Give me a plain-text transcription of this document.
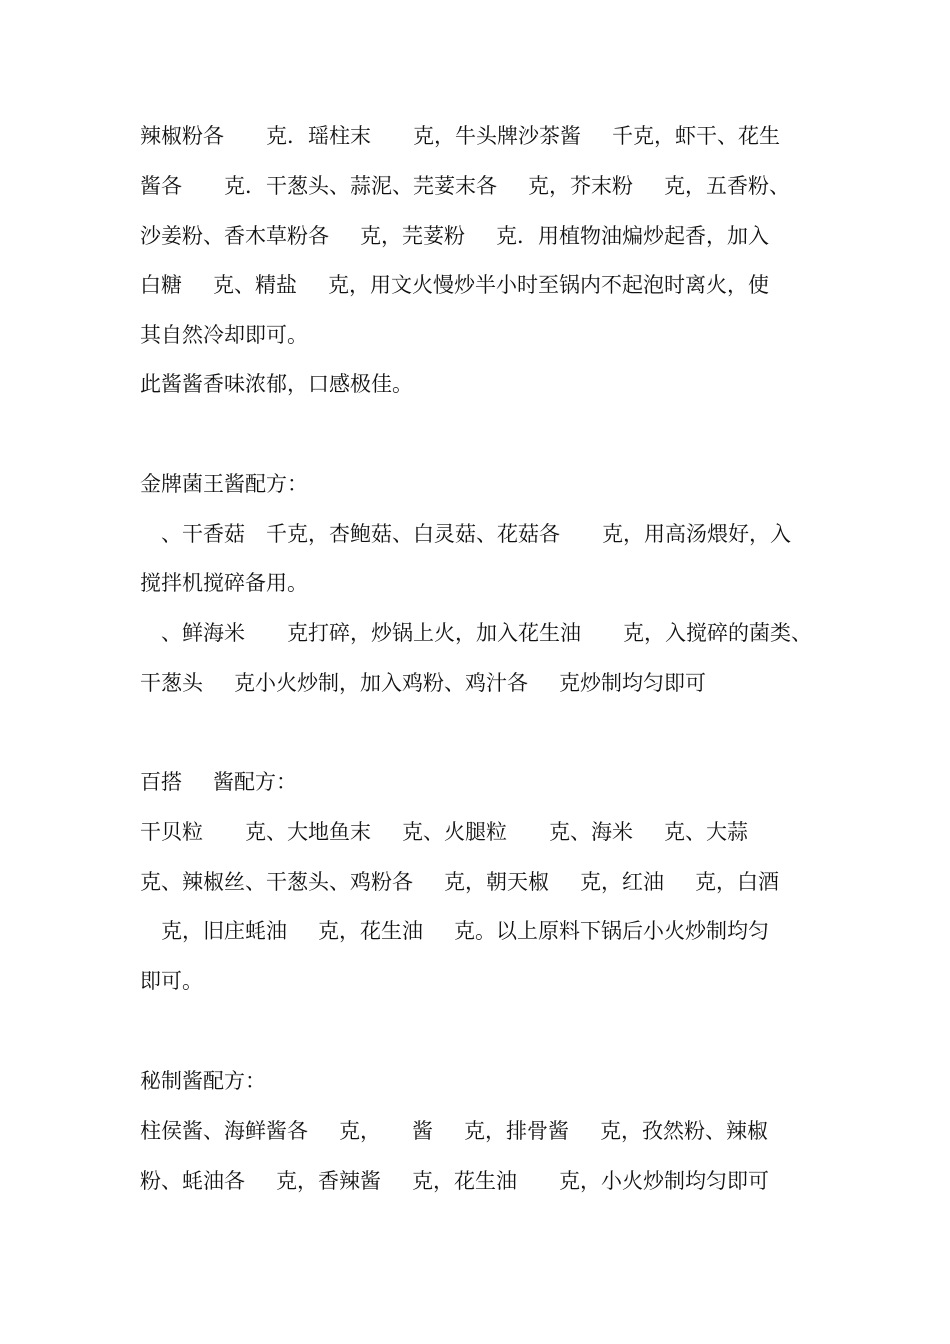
辣椒粉各 克．瑶柱末 克，牛头牌沙茶酱 千克，虾干、花生
酱各 克．干葱头、蒜泥、芫荽末各 克，芥末粉 克，五香粉、
沙姜粉、香木草粉各 克，芫荽粉 克．用植物油煸炒起香，加入
白糖 克、精盐 克，用文火慢炒半小时至锅内不起泡时离火，使
其自然冷却即可。
此酱酱香味浓郁，口感极佳。
金牌菌王酱配方：
、干香菇 千克，杏鲍菇、白灵菇、花菇各 克，用高汤煨好，入
搅拌机搅碎备用。
、鲜海米 克打碎，炒锅上火，加入花生油 克，入搅碎的菌类、
干葱头 克小火炒制，加入鸡粉、鸡汁各 克炒制均匀即可
百搭 酱配方：
干贝粒 克、大地鱼末 克、火腿粒 克、海米 克、大蒜
克、辣椒丝、干葱头、鸡粉各 克，朝天椒 克，红油 克，白酒
克，旧庄蚝油 克，花生油 克。以上原料下锅后小火炒制均匀
即可。
秘制酱配方：
柱侯酱、海鲜酱各 克， 酱 克，排骨酱 克，孜然粉、辣椒
粉、蚝油各 克，香辣酱 克，花生油 克，小火炒制均匀即可
